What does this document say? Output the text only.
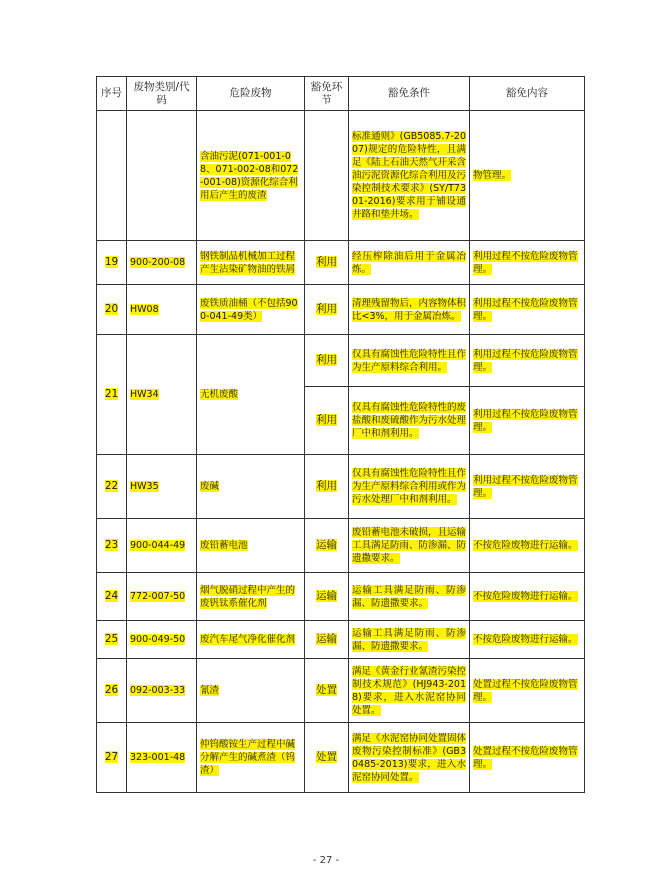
序号	废物类别/代码	危险废物	豁免环节	豁免条件	豁免内容
		含油污泥(071-001-08、071-002-08和072-001-08)资源化综合利用后产生的废渣		标准通则》(GB5085.7-2007)规定的危险特性，且满足《陆上石油天然气开采含油污泥资源化综合利用及污染控制技术要求》(SY/T7301-2016)要求用于铺设通井路和垫井场。	物管理。
19	900-200-08	钢铁制品机械加工过程产生沾染矿物油的铁屑	利用	经压榨除油后用于金属冶炼。	利用过程不按危险废物管理。
20	HW08	废铁质油桶（不包括900-041-49类）	利用	清理残留物后，内容物体积比<3%，用于金属冶炼。	利用过程不按危险废物管理。
21	HW34	无机废酸	利用	仅具有腐蚀性危险特性且作为生产原料综合利用。	利用过程不按危险废物管理。
			利用	仅具有腐蚀性危险特性的废盐酸和废硫酸作为污水处理厂中和剂利用。	利用过程不按危险废物管理。
22	HW35	废碱	利用	仅具有腐蚀性危险特性且作为生产原料综合利用或作为污水处理厂中和剂利用。	利用过程不按危险废物管理。
23	900-044-49	废铅蓄电池	运输	废铅蓄电池未破损，且运输工具满足防雨、防渗漏、防遗撒要求。	不按危险废物进行运输。
24	772-007-50	烟气脱硝过程中产生的废钒钛系催化剂	运输	运输工具满足防雨、防渗漏、防遗撒要求。	不按危险废物进行运输。
25	900-049-50	废汽车尾气净化催化剂	运输	运输工具满足防雨、防渗漏、防遗撒要求。	不按危险废物进行运输。
26	092-003-33	氰渣	处置	满足《黄金行业氰渣污染控制技术规范》(HJ943-2018)要求，进入水泥窑协同处置。	处置过程不按危险废物管理。
27	323-001-48	仲钨酸铵生产过程中碱分解产生的碱煮渣（钨渣）	处置	满足《水泥窑协同处置固体废物污染控制标准》(GB30485-2013)要求，进入水泥窑协同处置。	处置过程不按危险废物管理。
- 27 -
